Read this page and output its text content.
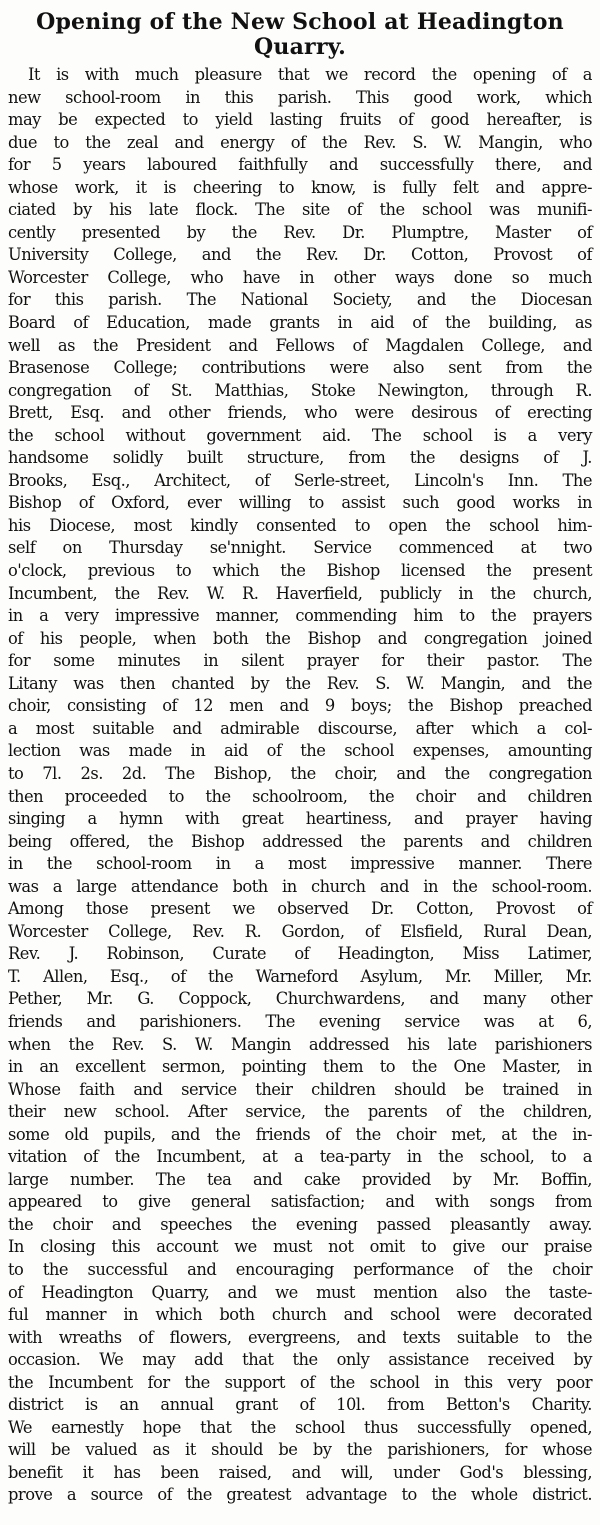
Opening of the New School at Headington Quarry.
It is with much pleasure that we record the opening of a
new school-room in this parish. This good work, which
may be expected to yield lasting fruits of good hereafter, is
due to the zeal and energy of the Rev. S. W. Mangin, who
for 5 years laboured faithfully and successfully there, and
whose work, it is cheering to know, is fully felt and appre-
ciated by his late flock. The site of the school was munifi-
cently presented by the Rev. Dr. Plumptre, Master of
University College, and the Rev. Dr. Cotton, Provost of
Worcester College, who have in other ways done so much
for this parish. The National Society, and the Diocesan
Board of Education, made grants in aid of the building, as
well as the President and Fellows of Magdalen College, and
Brasenose College; contributions were also sent from the
congregation of St. Matthias, Stoke Newington, through R.
Brett, Esq. and other friends, who were desirous of erecting
the school without government aid. The school is a very
handsome solidly built structure, from the designs of J.
Brooks, Esq., Architect, of Serle-street, Lincoln's Inn. The
Bishop of Oxford, ever willing to assist such good works in
his Diocese, most kindly consented to open the school him-
self on Thursday se'nnight. Service commenced at two
o'clock, previous to which the Bishop licensed the present
Incumbent, the Rev. W. R. Haverfield, publicly in the church,
in a very impressive manner, commending him to the prayers
of his people, when both the Bishop and congregation joined
for some minutes in silent prayer for their pastor. The
Litany was then chanted by the Rev. S. W. Mangin, and the
choir, consisting of 12 men and 9 boys; the Bishop preached
a most suitable and admirable discourse, after which a col-
lection was made in aid of the school expenses, amounting
to 7l. 2s. 2d. The Bishop, the choir, and the congregation
then proceeded to the schoolroom, the choir and children
singing a hymn with great heartiness, and prayer having
being offered, the Bishop addressed the parents and children
in the school-room in a most impressive manner. There
was a large attendance both in church and in the school-room.
Among those present we observed Dr. Cotton, Provost of
Worcester College, Rev. R. Gordon, of Elsfield, Rural Dean,
Rev. J. Robinson, Curate of Headington, Miss Latimer,
T. Allen, Esq., of the Warneford Asylum, Mr. Miller, Mr.
Pether, Mr. G. Coppock, Churchwardens, and many other
friends and parishioners. The evening service was at 6,
when the Rev. S. W. Mangin addressed his late parishioners
in an excellent sermon, pointing them to the One Master, in
Whose faith and service their children should be trained in
their new school. After service, the parents of the children,
some old pupils, and the friends of the choir met, at the in-
vitation of the Incumbent, at a tea-party in the school, to a
large number. The tea and cake provided by Mr. Boffin,
appeared to give general satisfaction; and with songs from
the choir and speeches the evening passed pleasantly away.
In closing this account we must not omit to give our praise
to the successful and encouraging performance of the choir
of Headington Quarry, and we must mention also the taste-
ful manner in which both church and school were decorated
with wreaths of flowers, evergreens, and texts suitable to the
occasion. We may add that the only assistance received by
the Incumbent for the support of the school in this very poor
district is an annual grant of 10l. from Betton's Charity.
We earnestly hope that the school thus successfully opened,
will be valued as it should be by the parishioners, for whose
benefit it has been raised, and will, under God's blessing,
prove a source of the greatest advantage to the whole district.
